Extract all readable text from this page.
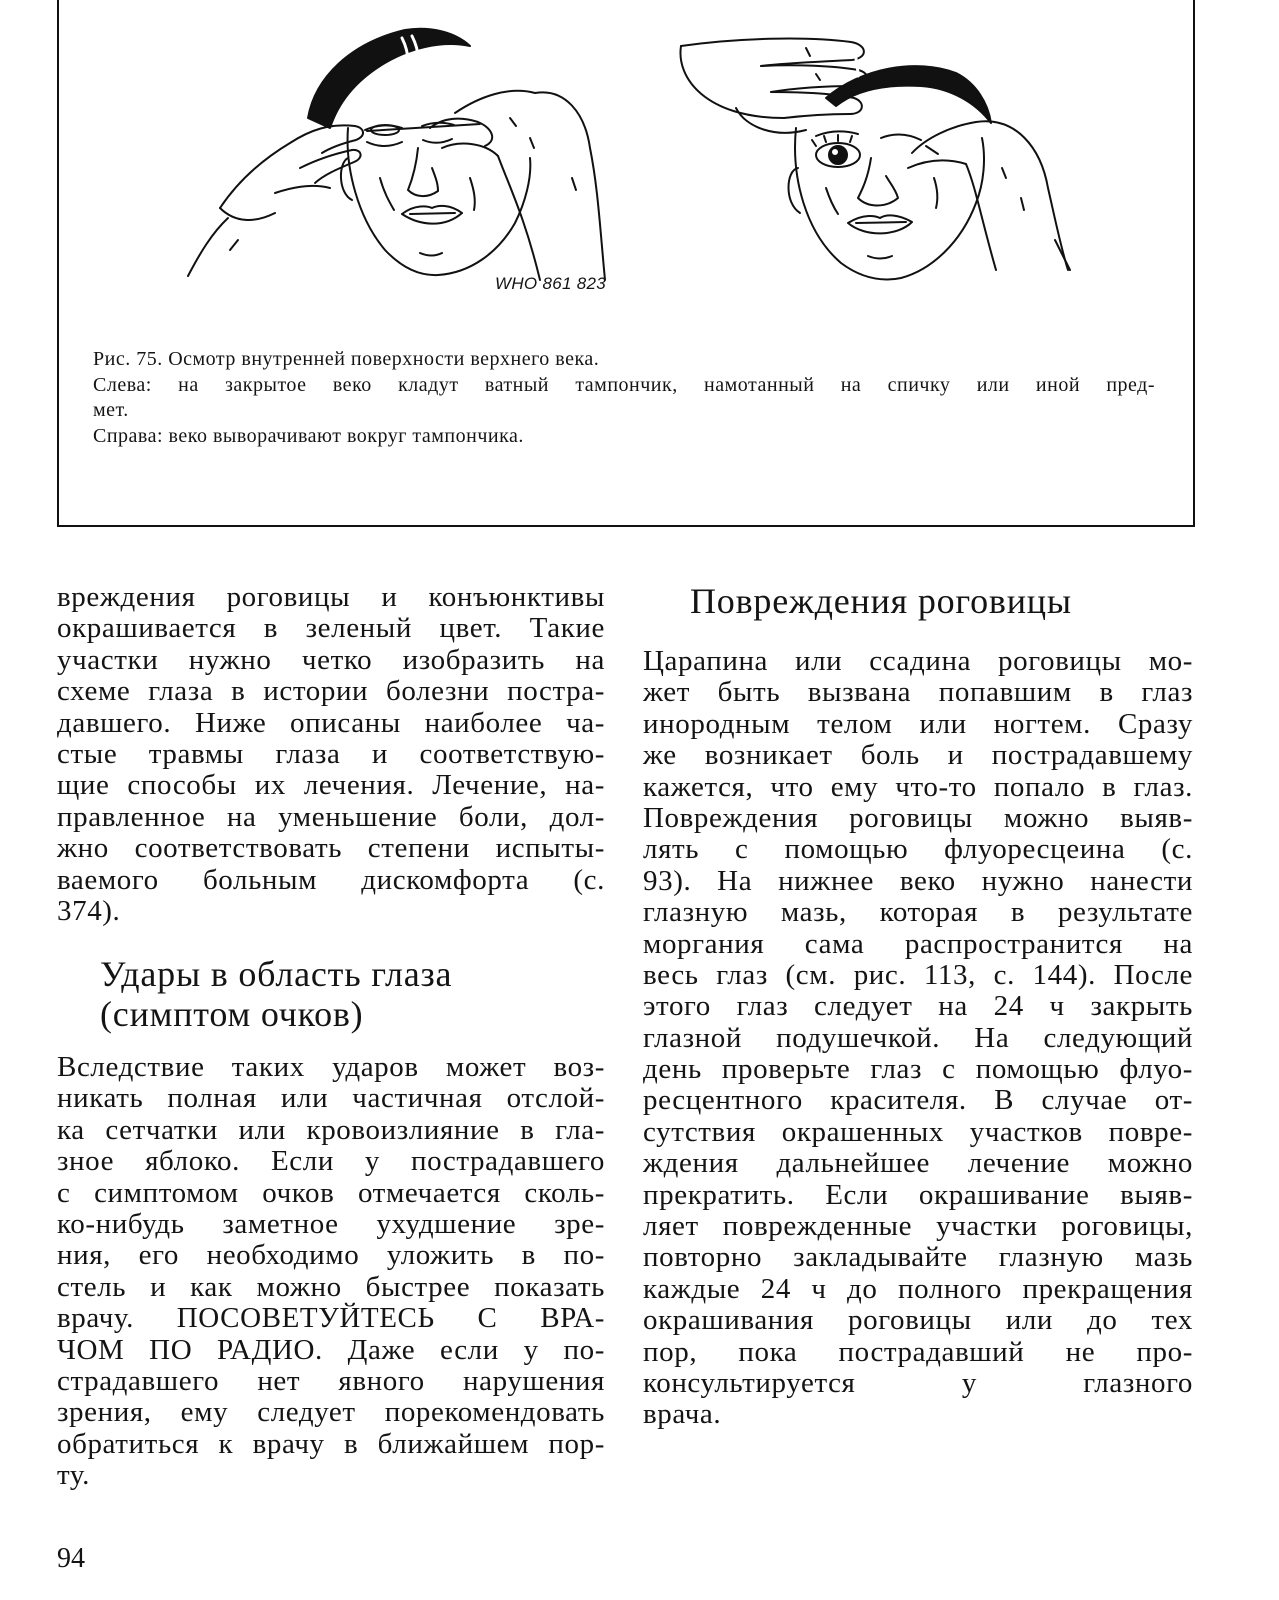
WHO 861 823
Рис. 75. Осмотр внутренней поверхности верхнего века.
Слева: на закрытое веко кладут ватный тампончик, намотанный на спичку или иной пред-
мет.
Справа: веко выворачивают вокруг тампончика.
вреждения роговицы и конъюнктивы
окрашивается в зеленый цвет. Такие
участки нужно четко изобразить на
схеме глаза в истории болезни постра-
давшего. Ниже описаны наиболее ча-
стые травмы глаза и соответствую-
щие способы их лечения. Лечение, на-
правленное на уменьшение боли, дол-
жно соответствовать степени испыты-
ваемого больным дискомфорта (с.
374).
Удары в область глаза
(симптом очков)
Вследствие таких ударов может воз-
никать полная или частичная отслой-
ка сетчатки или кровоизлияние в гла-
зное яблоко. Если у пострадавшего
с симптомом очков отмечается сколь-
ко-нибудь заметное ухудшение зре-
ния, его необходимо уложить в по-
стель и как можно быстрее показать
врачу. ПОСОВЕТУЙТЕСЬ С ВРА-
ЧОМ ПО РАДИО. Даже если у по-
страдавшего нет явного нарушения
зрения, ему следует порекомендовать
обратиться к врачу в ближайшем пор-
ту.
Повреждения роговицы
Царапина или ссадина роговицы мо-
жет быть вызвана попавшим в глаз
инородным телом или ногтем. Сразу
же возникает боль и пострадавшему
кажется, что ему что-то попало в глаз.
Повреждения роговицы можно выяв-
лять с помощью флуоресцеина (с.
93). На нижнее веко нужно нанести
глазную мазь, которая в результате
моргания сама распространится на
весь глаз (см. рис. 113, с. 144). После
этого глаз следует на 24 ч закрыть
глазной подушечкой. На следующий
день проверьте глаз с помощью флуо-
ресцентного красителя. В случае от-
сутствия окрашенных участков повре-
ждения дальнейшее лечение можно
прекратить. Если окрашивание выяв-
ляет поврежденные участки роговицы,
повторно закладывайте глазную мазь
каждые 24 ч до полного прекращения
окрашивания роговицы или до тех
пор, пока пострадавший не про-
консультируется у глазного
врача.
94
